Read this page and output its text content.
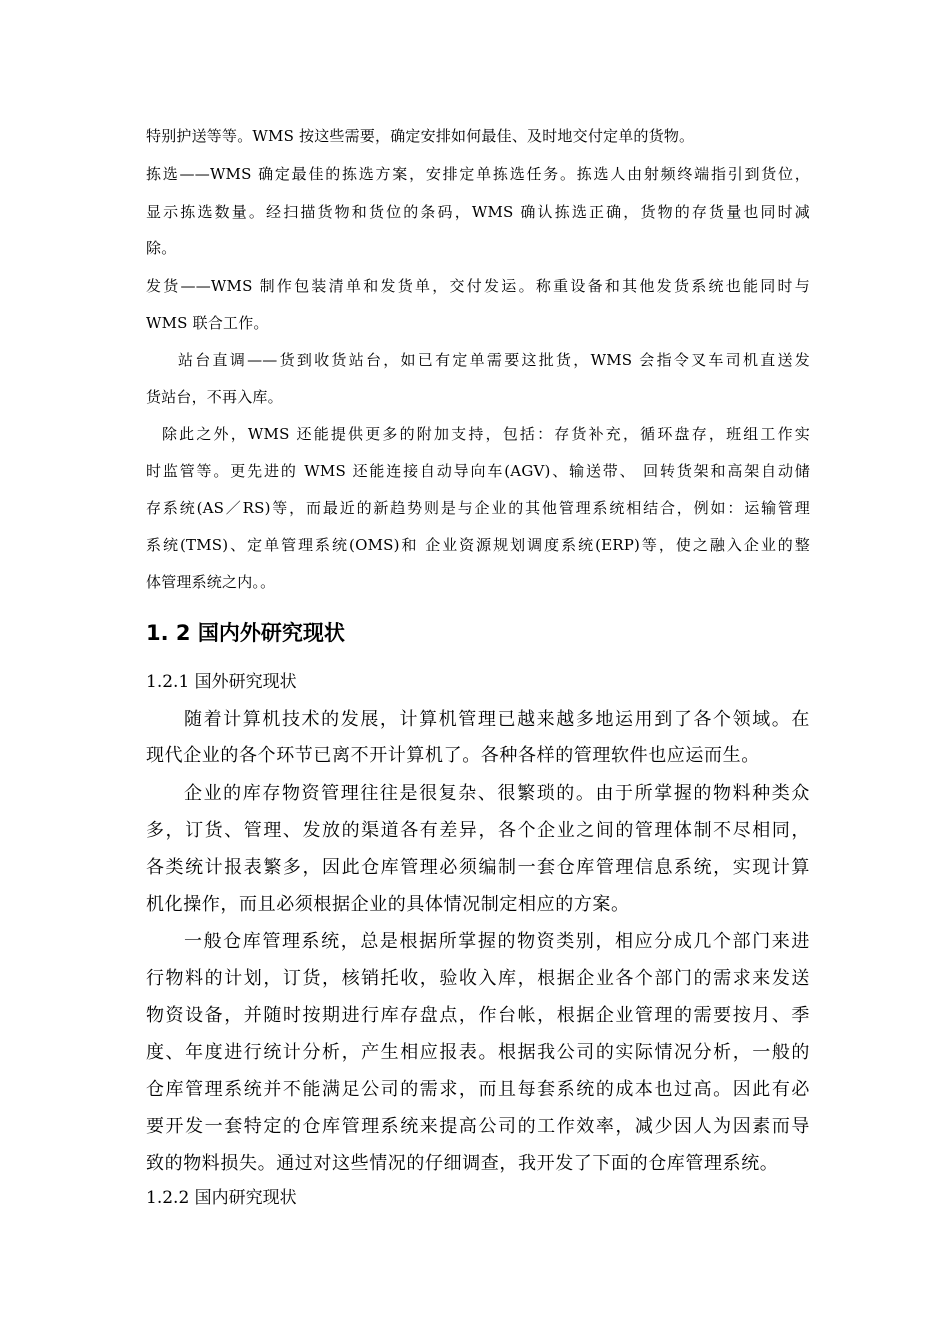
特别护送等等。WMS 按这些需要，确定安排如何最佳、及时地交付定单的货物。
拣选——WMS 确定最佳的拣选方案，安排定单拣选任务。拣选人由射频终端指引到货位，
显示拣选数量。经扫描货物和货位的条码，WMS 确认拣选正确，货物的存货量也同时减
除。
发货——WMS 制作包装清单和发货单，交付发运。称重设备和其他发货系统也能同时与
WMS 联合工作。
站台直调——货到收货站台，如已有定单需要这批货，WMS 会指令叉车司机直送发
货站台，不再入库。
除此之外，WMS 还能提供更多的附加支持，包括：存货补充，循环盘存，班组工作实
时监管等。更先进的 WMS 还能连接自动导向车(AGV)、输送带、 回转货架和高架自动储
存系统(AS／RS)等，而最近的新趋势则是与企业的其他管理系统相结合，例如：运输管理
系统(TMS)、定单管理系统(OMS)和 企业资源规划调度系统(ERP)等，使之融入企业的整
体管理系统之内。。
1. 2 国内外研究现状
1.2.1 国外研究现状
随着计算机技术的发展，计算机管理已越来越多地运用到了各个领域。在
现代企业的各个环节已离不开计算机了。各种各样的管理软件也应运而生。
企业的库存物资管理往往是很复杂、很繁琐的。由于所掌握的物料种类众
多，订货、管理、发放的渠道各有差异，各个企业之间的管理体制不尽相同，
各类统计报表繁多，因此仓库管理必须编制一套仓库管理信息系统，实现计算
机化操作，而且必须根据企业的具体情况制定相应的方案。
一般仓库管理系统，总是根据所掌握的物资类别，相应分成几个部门来进
行物料的计划，订货，核销托收，验收入库，根据企业各个部门的需求来发送
物资设备，并随时按期进行库存盘点，作台帐，根据企业管理的需要按月、季
度、年度进行统计分析，产生相应报表。根据我公司的实际情况分析，一般的
仓库管理系统并不能满足公司的需求，而且每套系统的成本也过高。因此有必
要开发一套特定的仓库管理系统来提高公司的工作效率，减少因人为因素而导
致的物料损失。通过对这些情况的仔细调查，我开发了下面的仓库管理系统。
1.2.2 国内研究现状
